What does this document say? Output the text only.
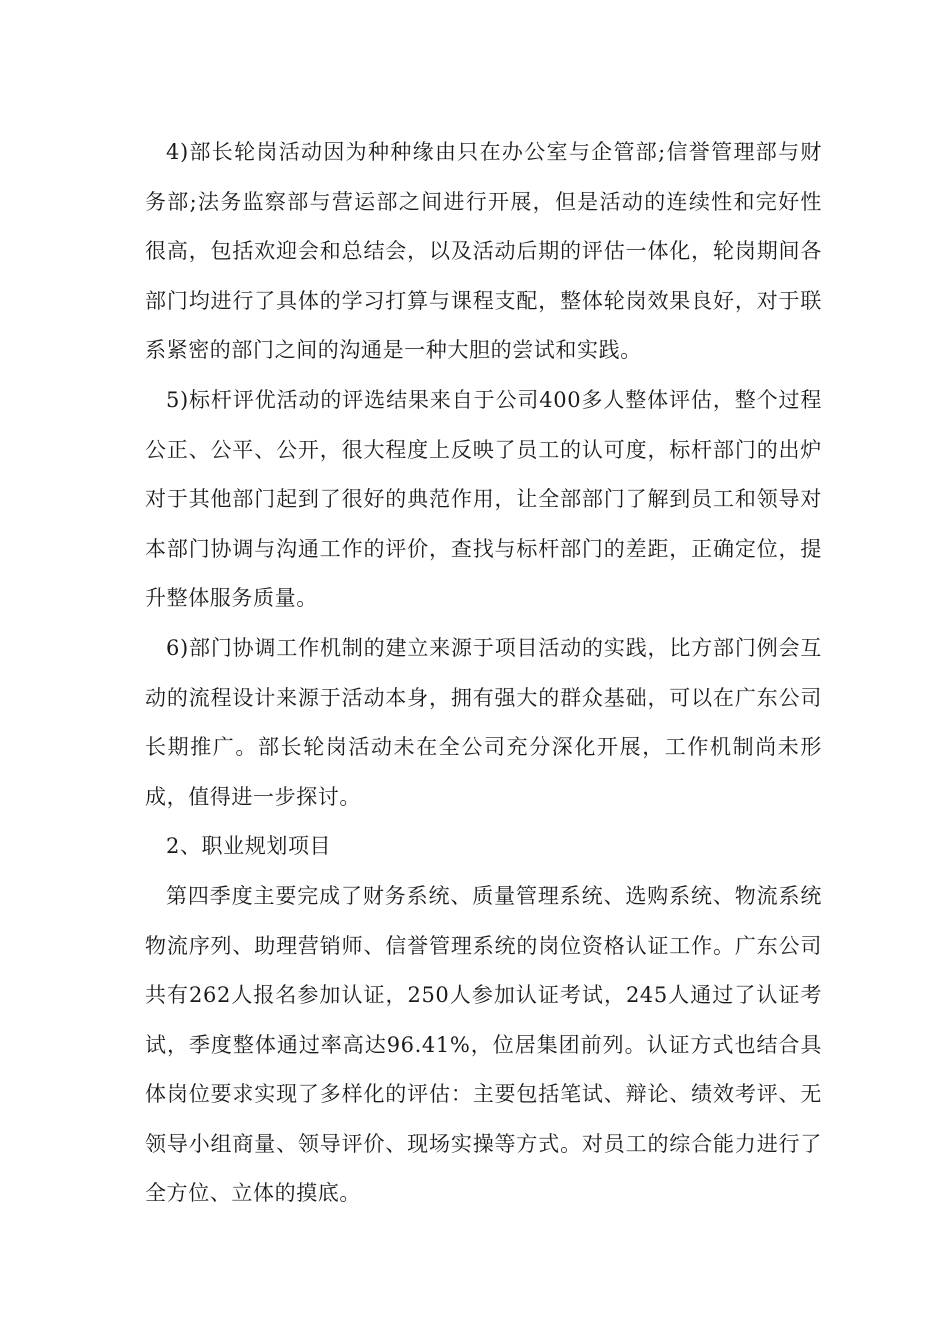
4)部长轮岗活动因为种种缘由只在办公室与企管部;信誉管理部与财务部;法务监察部与营运部之间进行开展，但是活动的连续性和完好性很高，包括欢迎会和总结会，以及活动后期的评估一体化，轮岗期间各部门均进行了具体的学习打算与课程支配，整体轮岗效果良好，对于联系紧密的部门之间的沟通是一种大胆的尝试和实践。

5)标杆评优活动的评选结果来自于公司400多人整体评估，整个过程公正、公平、公开，很大程度上反映了员工的认可度，标杆部门的出炉对于其他部门起到了很好的典范作用，让全部部门了解到员工和领导对本部门协调与沟通工作的评价，查找与标杆部门的差距，正确定位，提升整体服务质量。

6)部门协调工作机制的建立来源于项目活动的实践，比方部门例会互动的流程设计来源于活动本身，拥有强大的群众基础，可以在广东公司长期推广。部长轮岗活动未在全公司充分深化开展，工作机制尚未形成，值得进一步探讨。

2、职业规划项目

第四季度主要完成了财务系统、质量管理系统、选购系统、物流系统物流序列、助理营销师、信誉管理系统的岗位资格认证工作。广东公司共有262人报名参加认证，250人参加认证考试，245人通过了认证考试，季度整体通过率高达96.41%，位居集团前列。认证方式也结合具体岗位要求实现了多样化的评估：主要包括笔试、辩论、绩效考评、无领导小组商量、领导评价、现场实操等方式。对员工的综合能力进行了全方位、立体的摸底。
